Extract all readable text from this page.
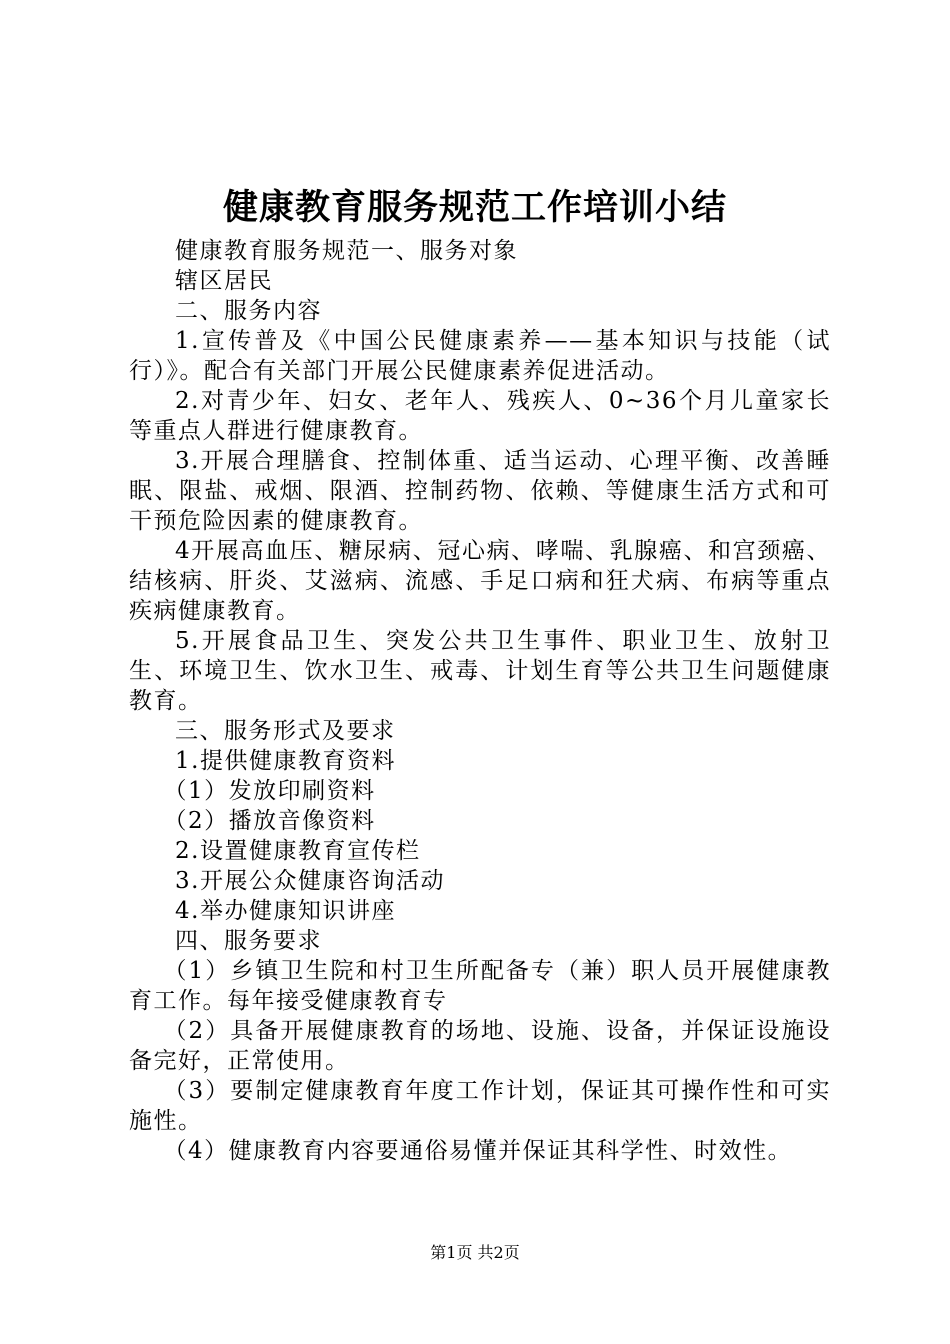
健康教育服务规范工作培训小结

健康教育服务规范一、服务对象

辖区居民

二、服务内容

1.宣传普及《中国公民健康素养——基本知识与技能（试行）》。配合有关部门开展公民健康素养促进活动。

2.对青少年、妇女、老年人、残疾人、0~36个月儿童家长等重点人群进行健康教育。

3.开展合理膳食、控制体重、适当运动、心理平衡、改善睡眠、限盐、戒烟、限酒、控制药物、依赖、等健康生活方式和可干预危险因素的健康教育。

4开展高血压、糖尿病、冠心病、哮喘、乳腺癌、和宫颈癌、结核病、肝炎、艾滋病、流感、手足口病和狂犬病、布病等重点疾病健康教育。

5.开展食品卫生、突发公共卫生事件、职业卫生、放射卫生、环境卫生、饮水卫生、戒毒、计划生育等公共卫生问题健康教育。

三、服务形式及要求

1.提供健康教育资料

（1）发放印刷资料

（2）播放音像资料

2.设置健康教育宣传栏

3.开展公众健康咨询活动

4.举办健康知识讲座

四、服务要求

（1）乡镇卫生院和村卫生所配备专（兼）职人员开展健康教育工作。每年接受健康教育专

（2）具备开展健康教育的场地、设施、设备，并保证设施设备完好，正常使用。

（3）要制定健康教育年度工作计划，保证其可操作性和可实施性。

（4）健康教育内容要通俗易懂并保证其科学性、时效性。

第1页 共2页
